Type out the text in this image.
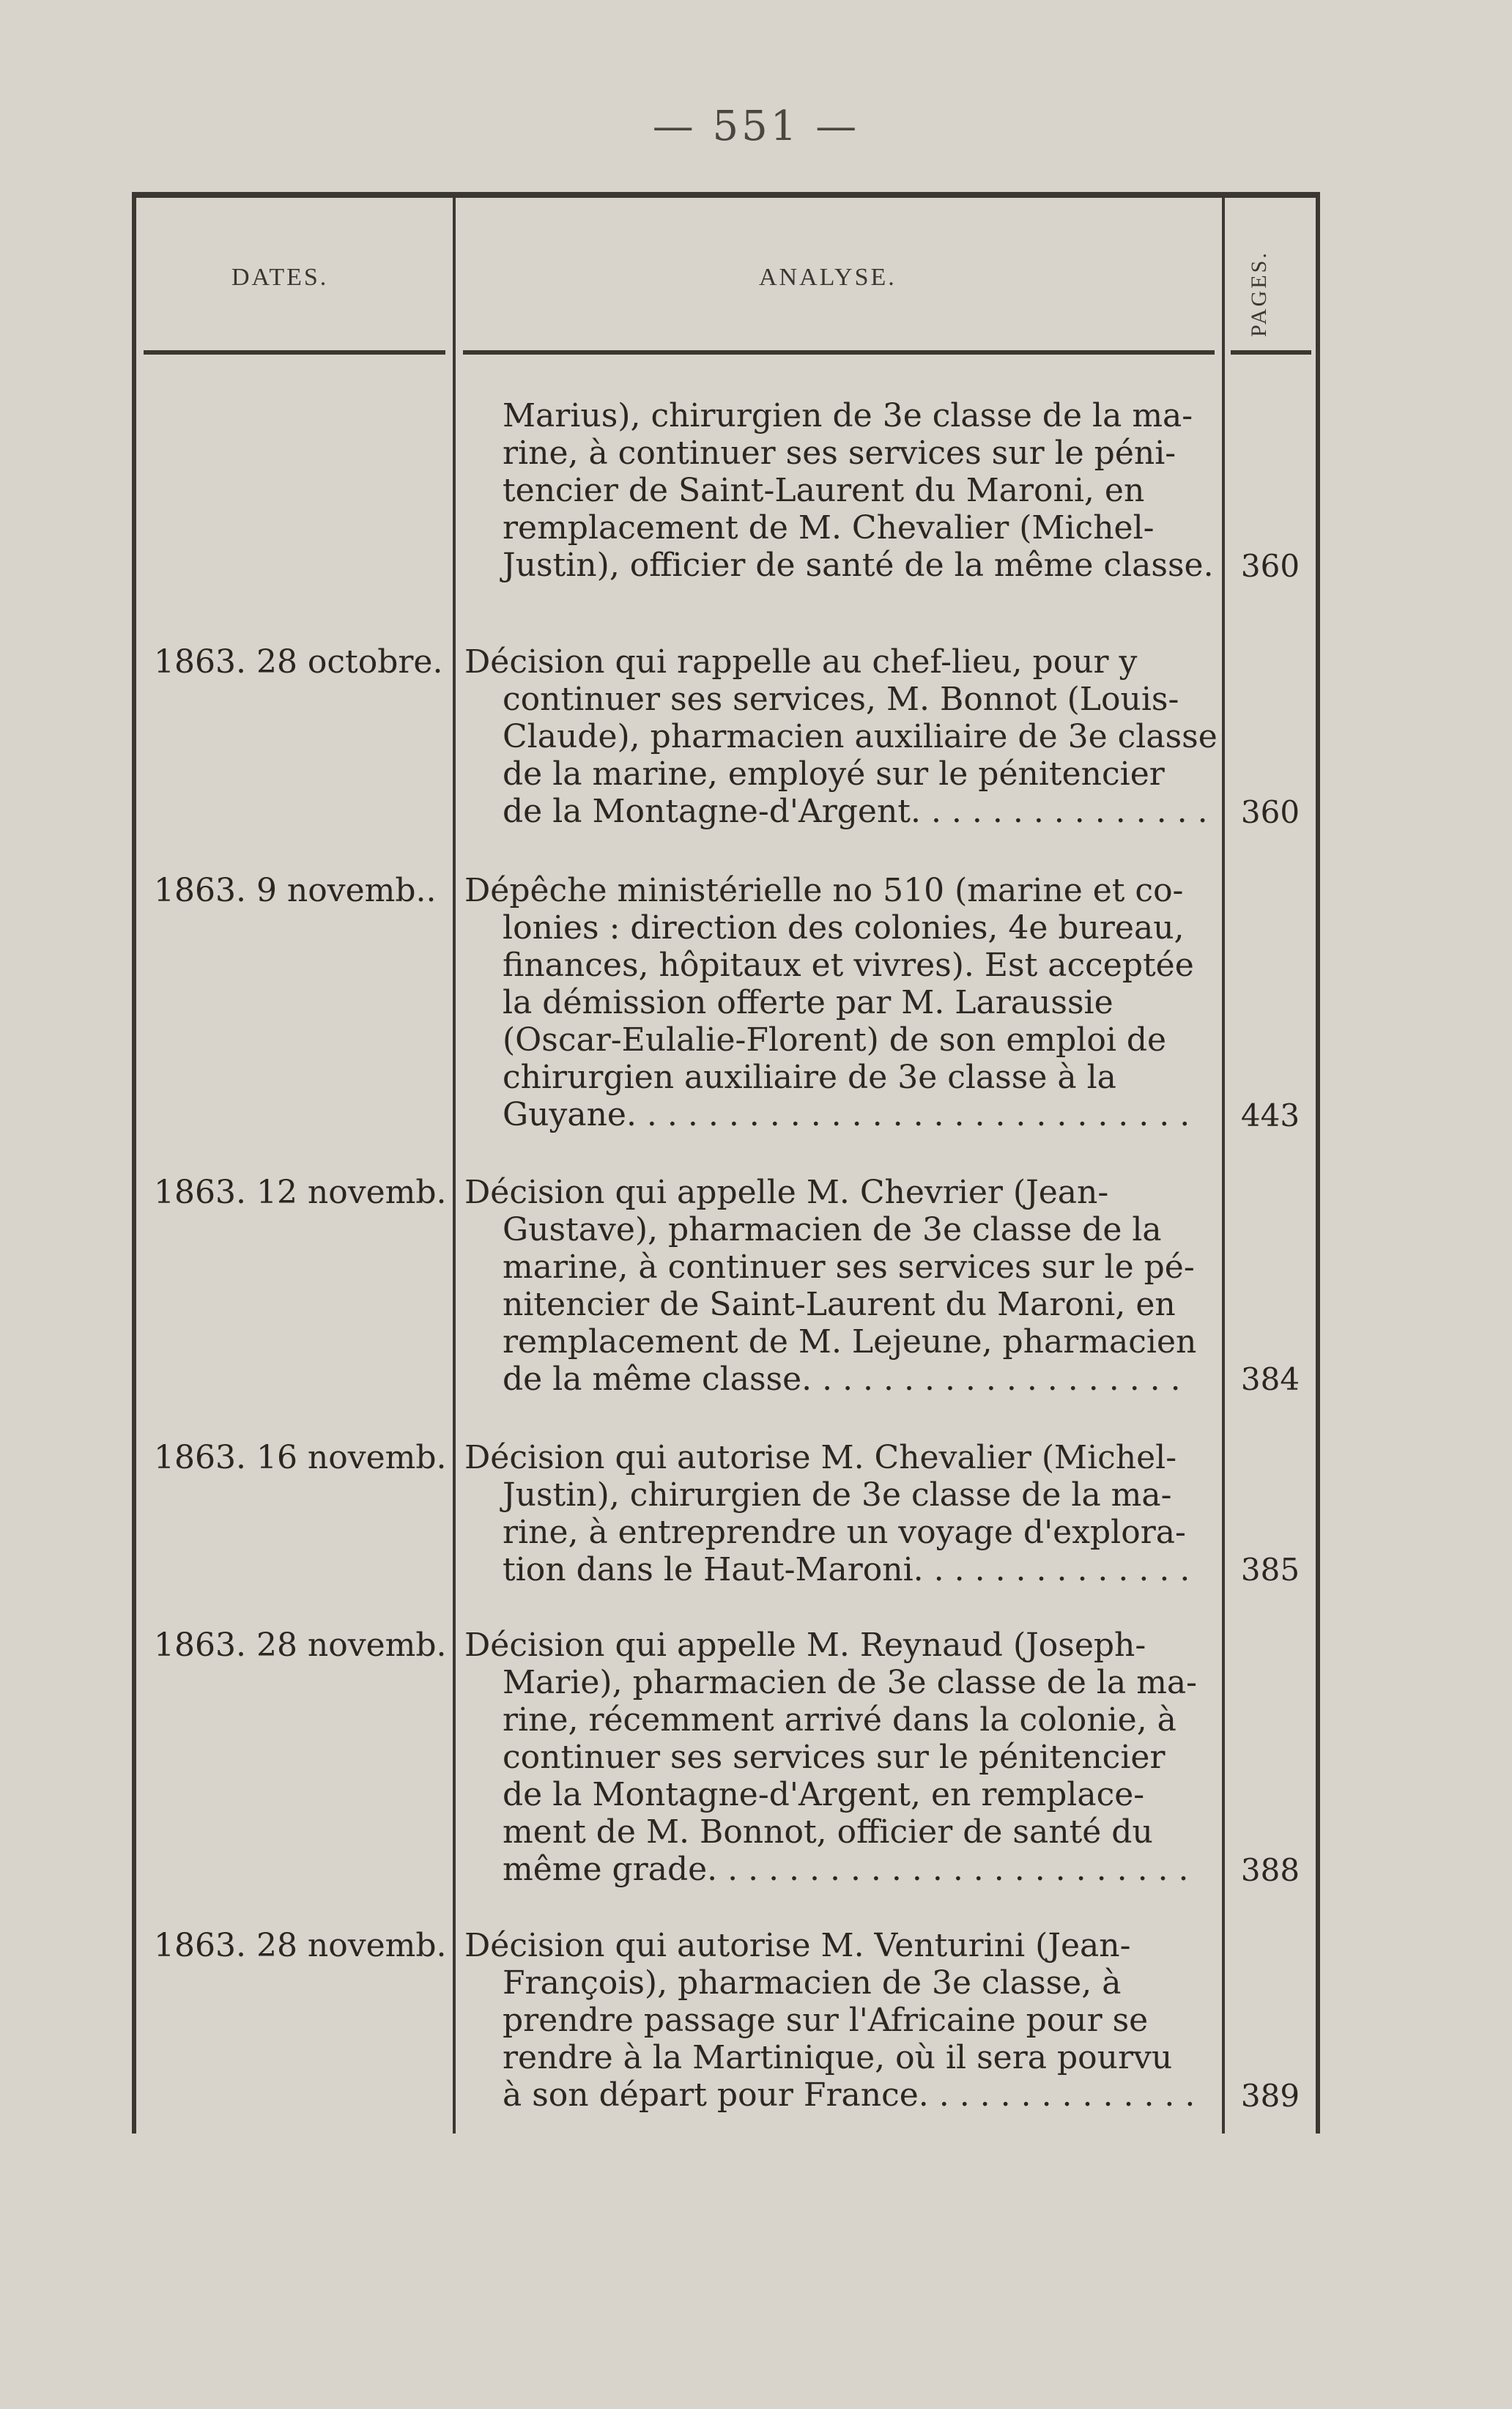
— 551 —
DATES.	ANALYSE.	PAGES.
Marius), chirurgien de 3e classe de la ma-
rine, à continuer ses services sur le péni-
tencier de Saint-Laurent du Maroni, en
remplacement de M. Chevalier (Michel-
Justin), officier de santé de la même classe. 360
1863. 28 octobre. Décision qui rappelle au chef-lieu, pour y
continuer ses services, M. Bonnot (Louis-
Claude), pharmacien auxiliaire de 3e classe
de la marine, employé sur le pénitencier
de la Montagne-d'Argent. . . . . . . . . . . . . . .	360
1863. 9 novemb.. Dépêche ministérielle no 510 (marine et co-
lonies : direction des colonies, 4e bureau,
finances, hôpitaux et vivres). Est acceptée
la démission offerte par M. Laraussie
(Oscar-Eulalie-Florent) de son emploi de
chirurgien auxiliaire de 3e classe à la
Guyane. . . . . . . . . . . . . . . . . . . . . . . . . . . .	443
1863. 12 novemb. Décision qui appelle M. Chevrier (Jean-
Gustave), pharmacien de 3e classe de la
marine, à continuer ses services sur le pé-
nitencier de Saint-Laurent du Maroni, en
remplacement de M. Lejeune, pharmacien
de la même classe. . . . . . . . . . . . . . . . . . .	384
1863. 16 novemb. Décision qui autorise M. Chevalier (Michel-
Justin), chirurgien de 3e classe de la ma-
rine, à entreprendre un voyage d'explora-
tion dans le Haut-Maroni. . . . . . . . . . . . . .	385
1863. 28 novemb. Décision qui appelle M. Reynaud (Joseph-
Marie), pharmacien de 3e classe de la ma-
rine, récemment arrivé dans la colonie, à
continuer ses services sur le pénitencier
de la Montagne-d'Argent, en remplace-
ment de M. Bonnot, officier de santé du
même grade. . . . . . . . . . . . . . . . . . . . . . . .	388
1863. 28 novemb. Décision qui autorise M. Venturini (Jean-
François), pharmacien de 3e classe, à
prendre passage sur l'Africaine pour se
rendre à la Martinique, où il sera pourvu
à son départ pour France. . . . . . . . . . . . . .	389
